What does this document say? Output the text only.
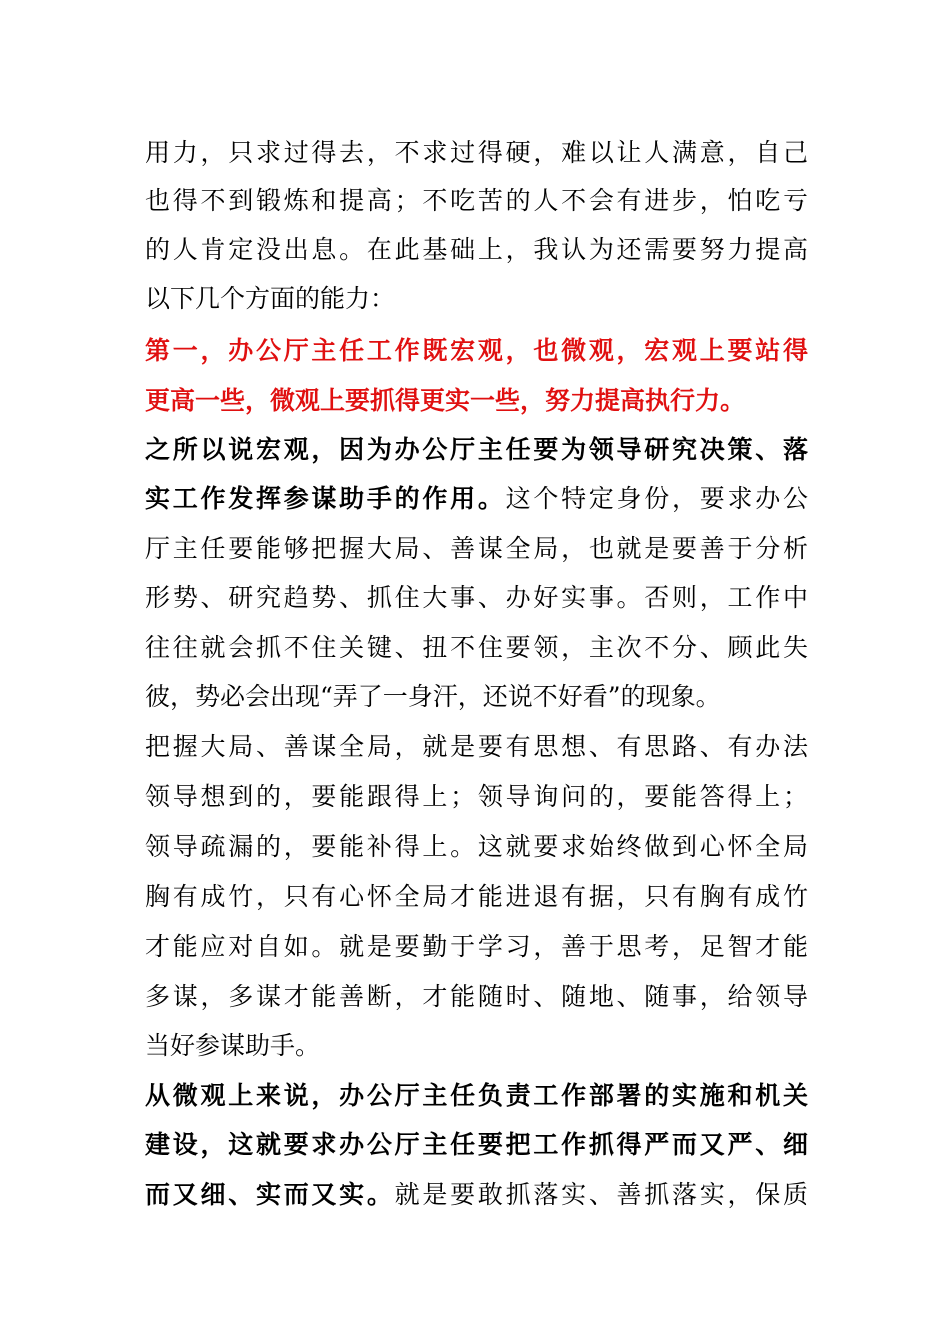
用力，只求过得去，不求过得硬，难以让人满意，自己
也得不到锻炼和提高；不吃苦的人不会有进步，怕吃亏
的人肯定没出息。在此基础上，我认为还需要努力提高
以下几个方面的能力：
第一，办公厅主任工作既宏观，也微观，宏观上要站得
更高一些，微观上要抓得更实一些，努力提高执行力。
之所以说宏观，因为办公厅主任要为领导研究决策、落
实工作发挥参谋助手的作用。这个特定身份，要求办公
厅主任要能够把握大局、善谋全局，也就是要善于分析
形势、研究趋势、抓住大事、办好实事。否则，工作中
往往就会抓不住关键、扭不住要领，主次不分、顾此失
彼，势必会出现“弄了一身汗，还说不好看”的现象。
把握大局、善谋全局，就是要有思想、有思路、有办法
领导想到的，要能跟得上；领导询问的，要能答得上；
领导疏漏的，要能补得上。这就要求始终做到心怀全局
胸有成竹，只有心怀全局才能进退有据，只有胸有成竹
才能应对自如。就是要勤于学习，善于思考，足智才能
多谋，多谋才能善断，才能随时、随地、随事，给领导
当好参谋助手。
从微观上来说，办公厅主任负责工作部署的实施和机关
建设，这就要求办公厅主任要把工作抓得严而又严、细
而又细、实而又实。就是要敢抓落实、善抓落实，保质
